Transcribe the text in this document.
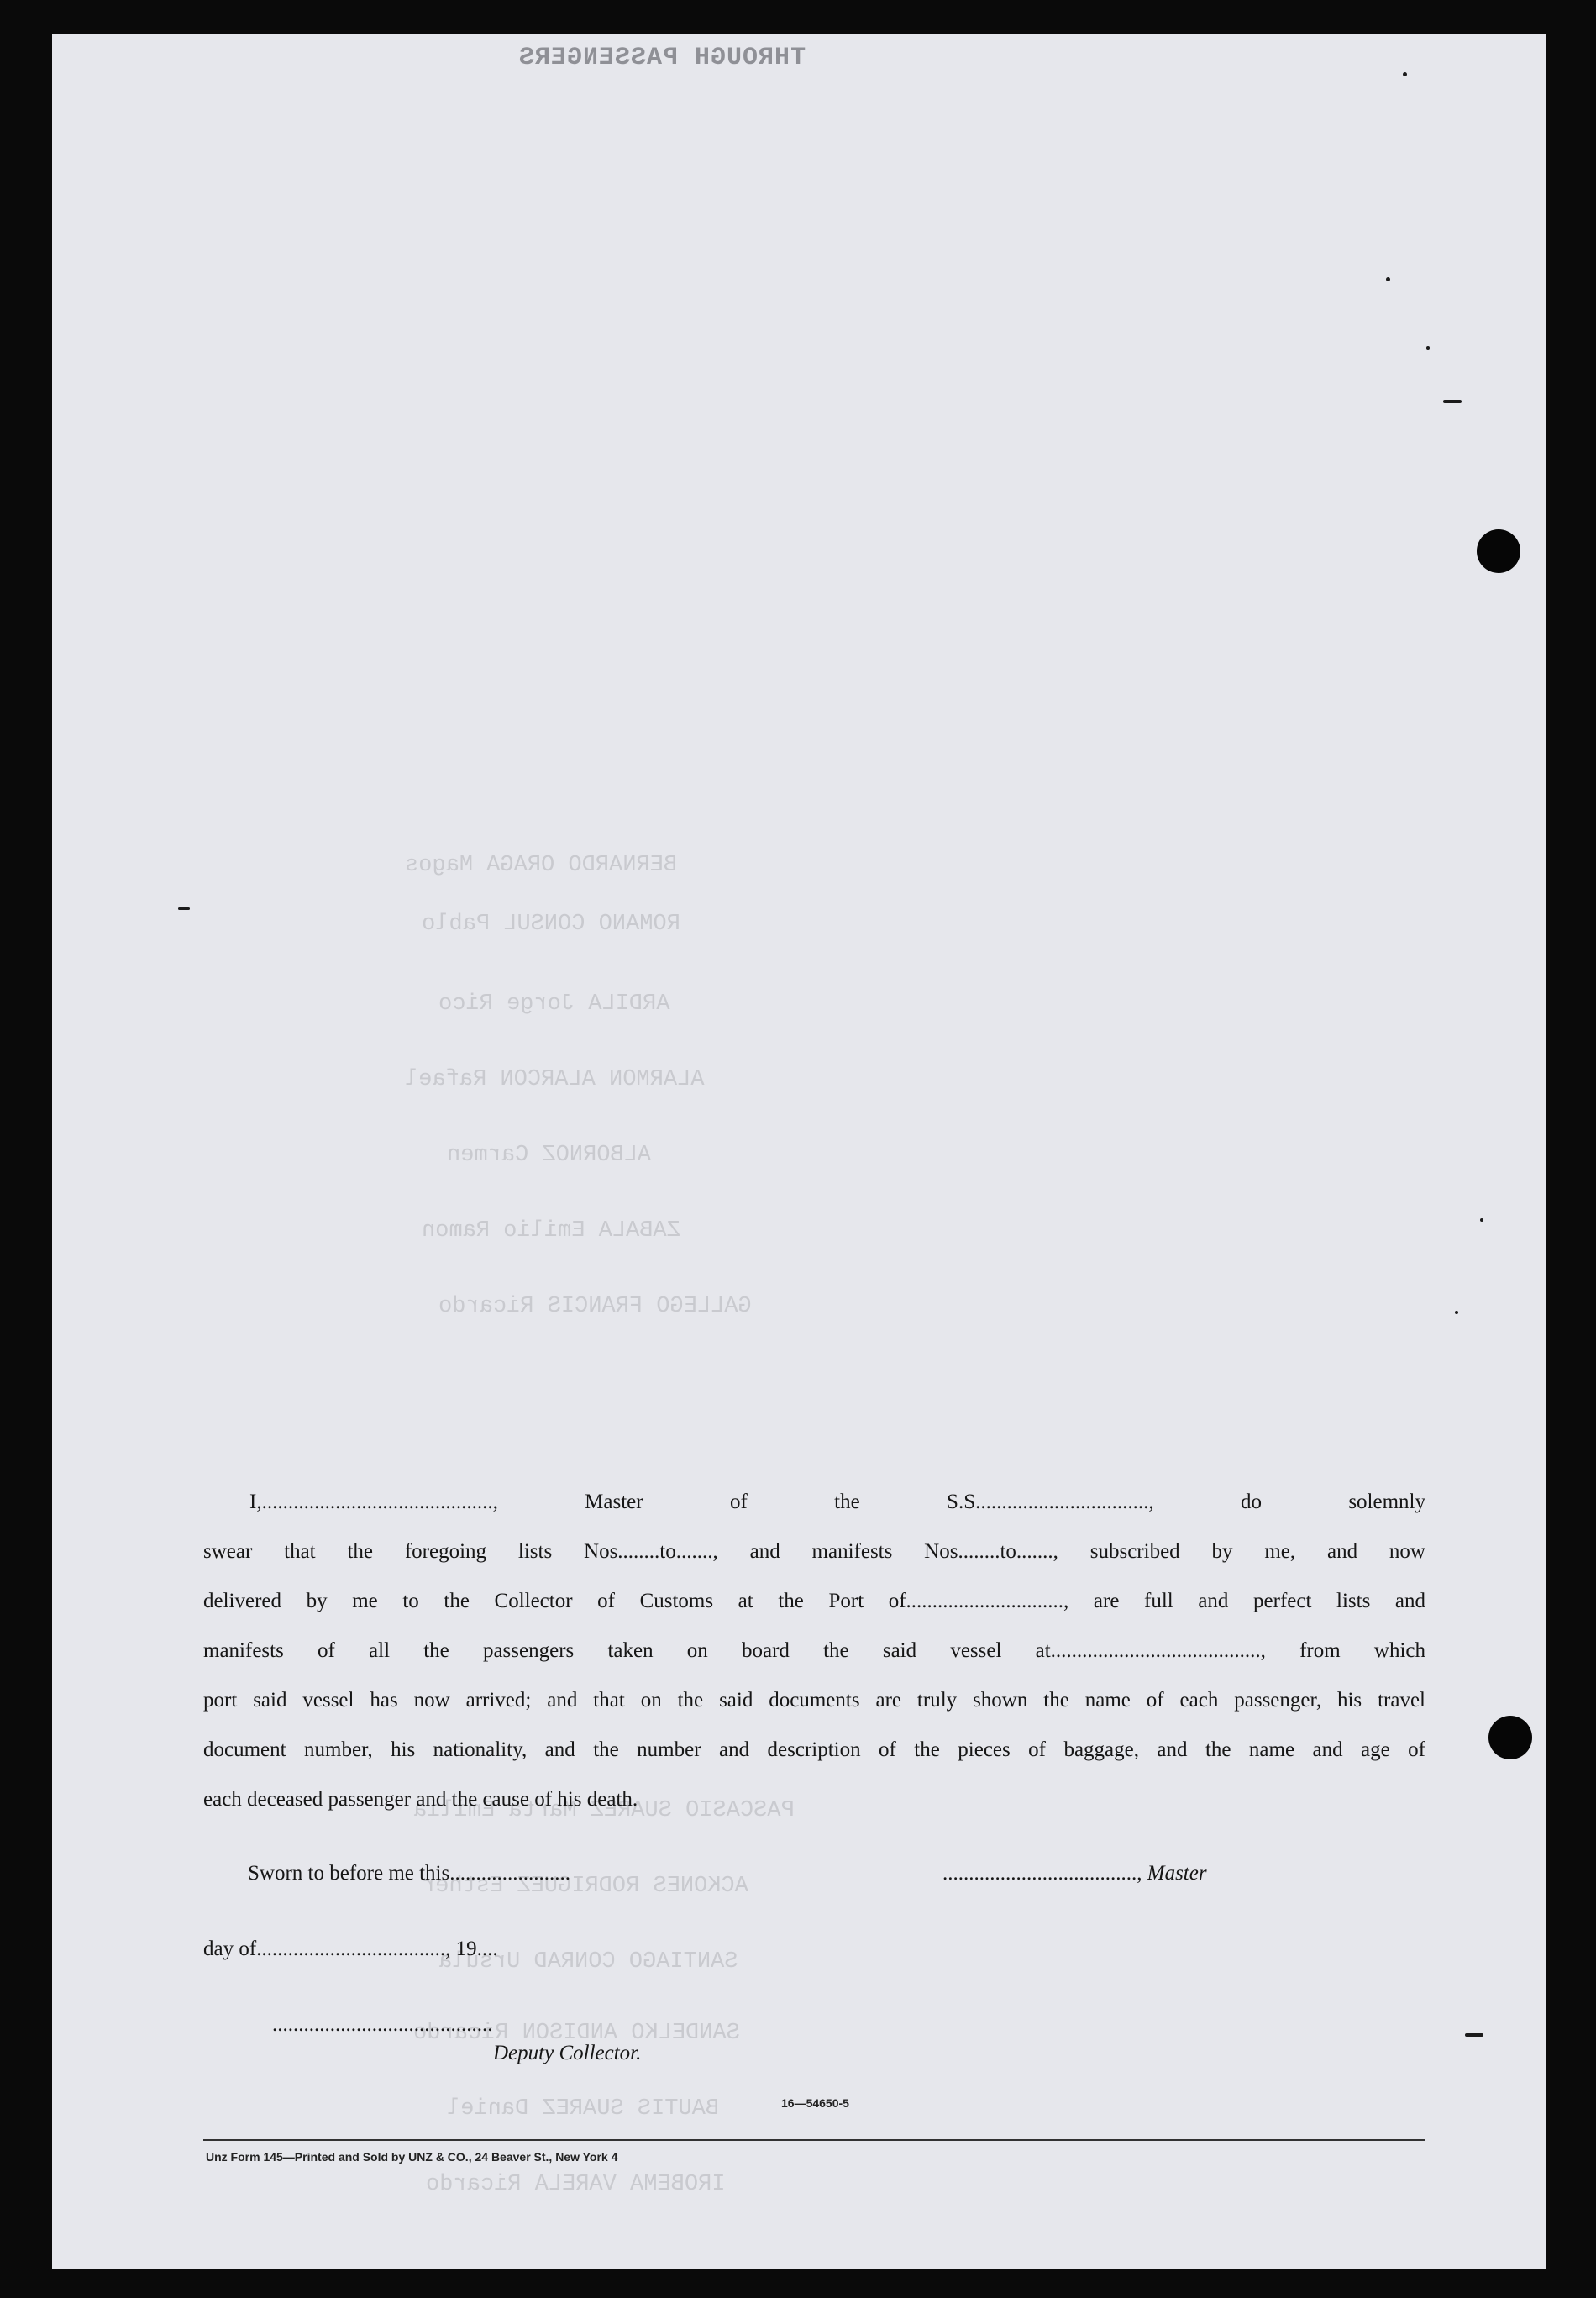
THROUGH PASSENGERS
BERNARDO ORAGA Magos
ROMANO CONSUL Pablo
ARDILA Jorge Rico
ALARMON ALARCON Rafael
ALBORNOZ Carmen
ZABALA Emilio Ramon
GALLEGO FRANCIS Ricardo
PASCASIO SUAREZ Marta Emilia
ACKONES RODRIGUEZ Esther
SANTIAGO CONRAD Ursula
SANDELKO ANDISON Ricardo
BAUTIS SUAREZ Daniel
IROBEMA VARELA Ricardo
I,............................................, Master of the S.S................................., do solemnly
swear that the foregoing lists Nos........to......., and manifests Nos........to......., subscribed by me, and now
delivered by me to the Collector of Customs at the Port of.............................., are full and perfect lists and
manifests of all the passengers taken on board the said vessel at........................................, from which
port said vessel has now arrived; and that on the said documents are truly shown the name of each passenger, his travel
document number, his nationality, and the number and description of the pieces of baggage, and the name and age of
each deceased passenger and the cause of his death.
Sworn to before me this.......................	....................................., Master
day of...................................., 19....
..........................................
Deputy Collector.
16—54650-5
Unz Form 145—Printed and Sold by UNZ & CO., 24 Beaver St., New York 4
